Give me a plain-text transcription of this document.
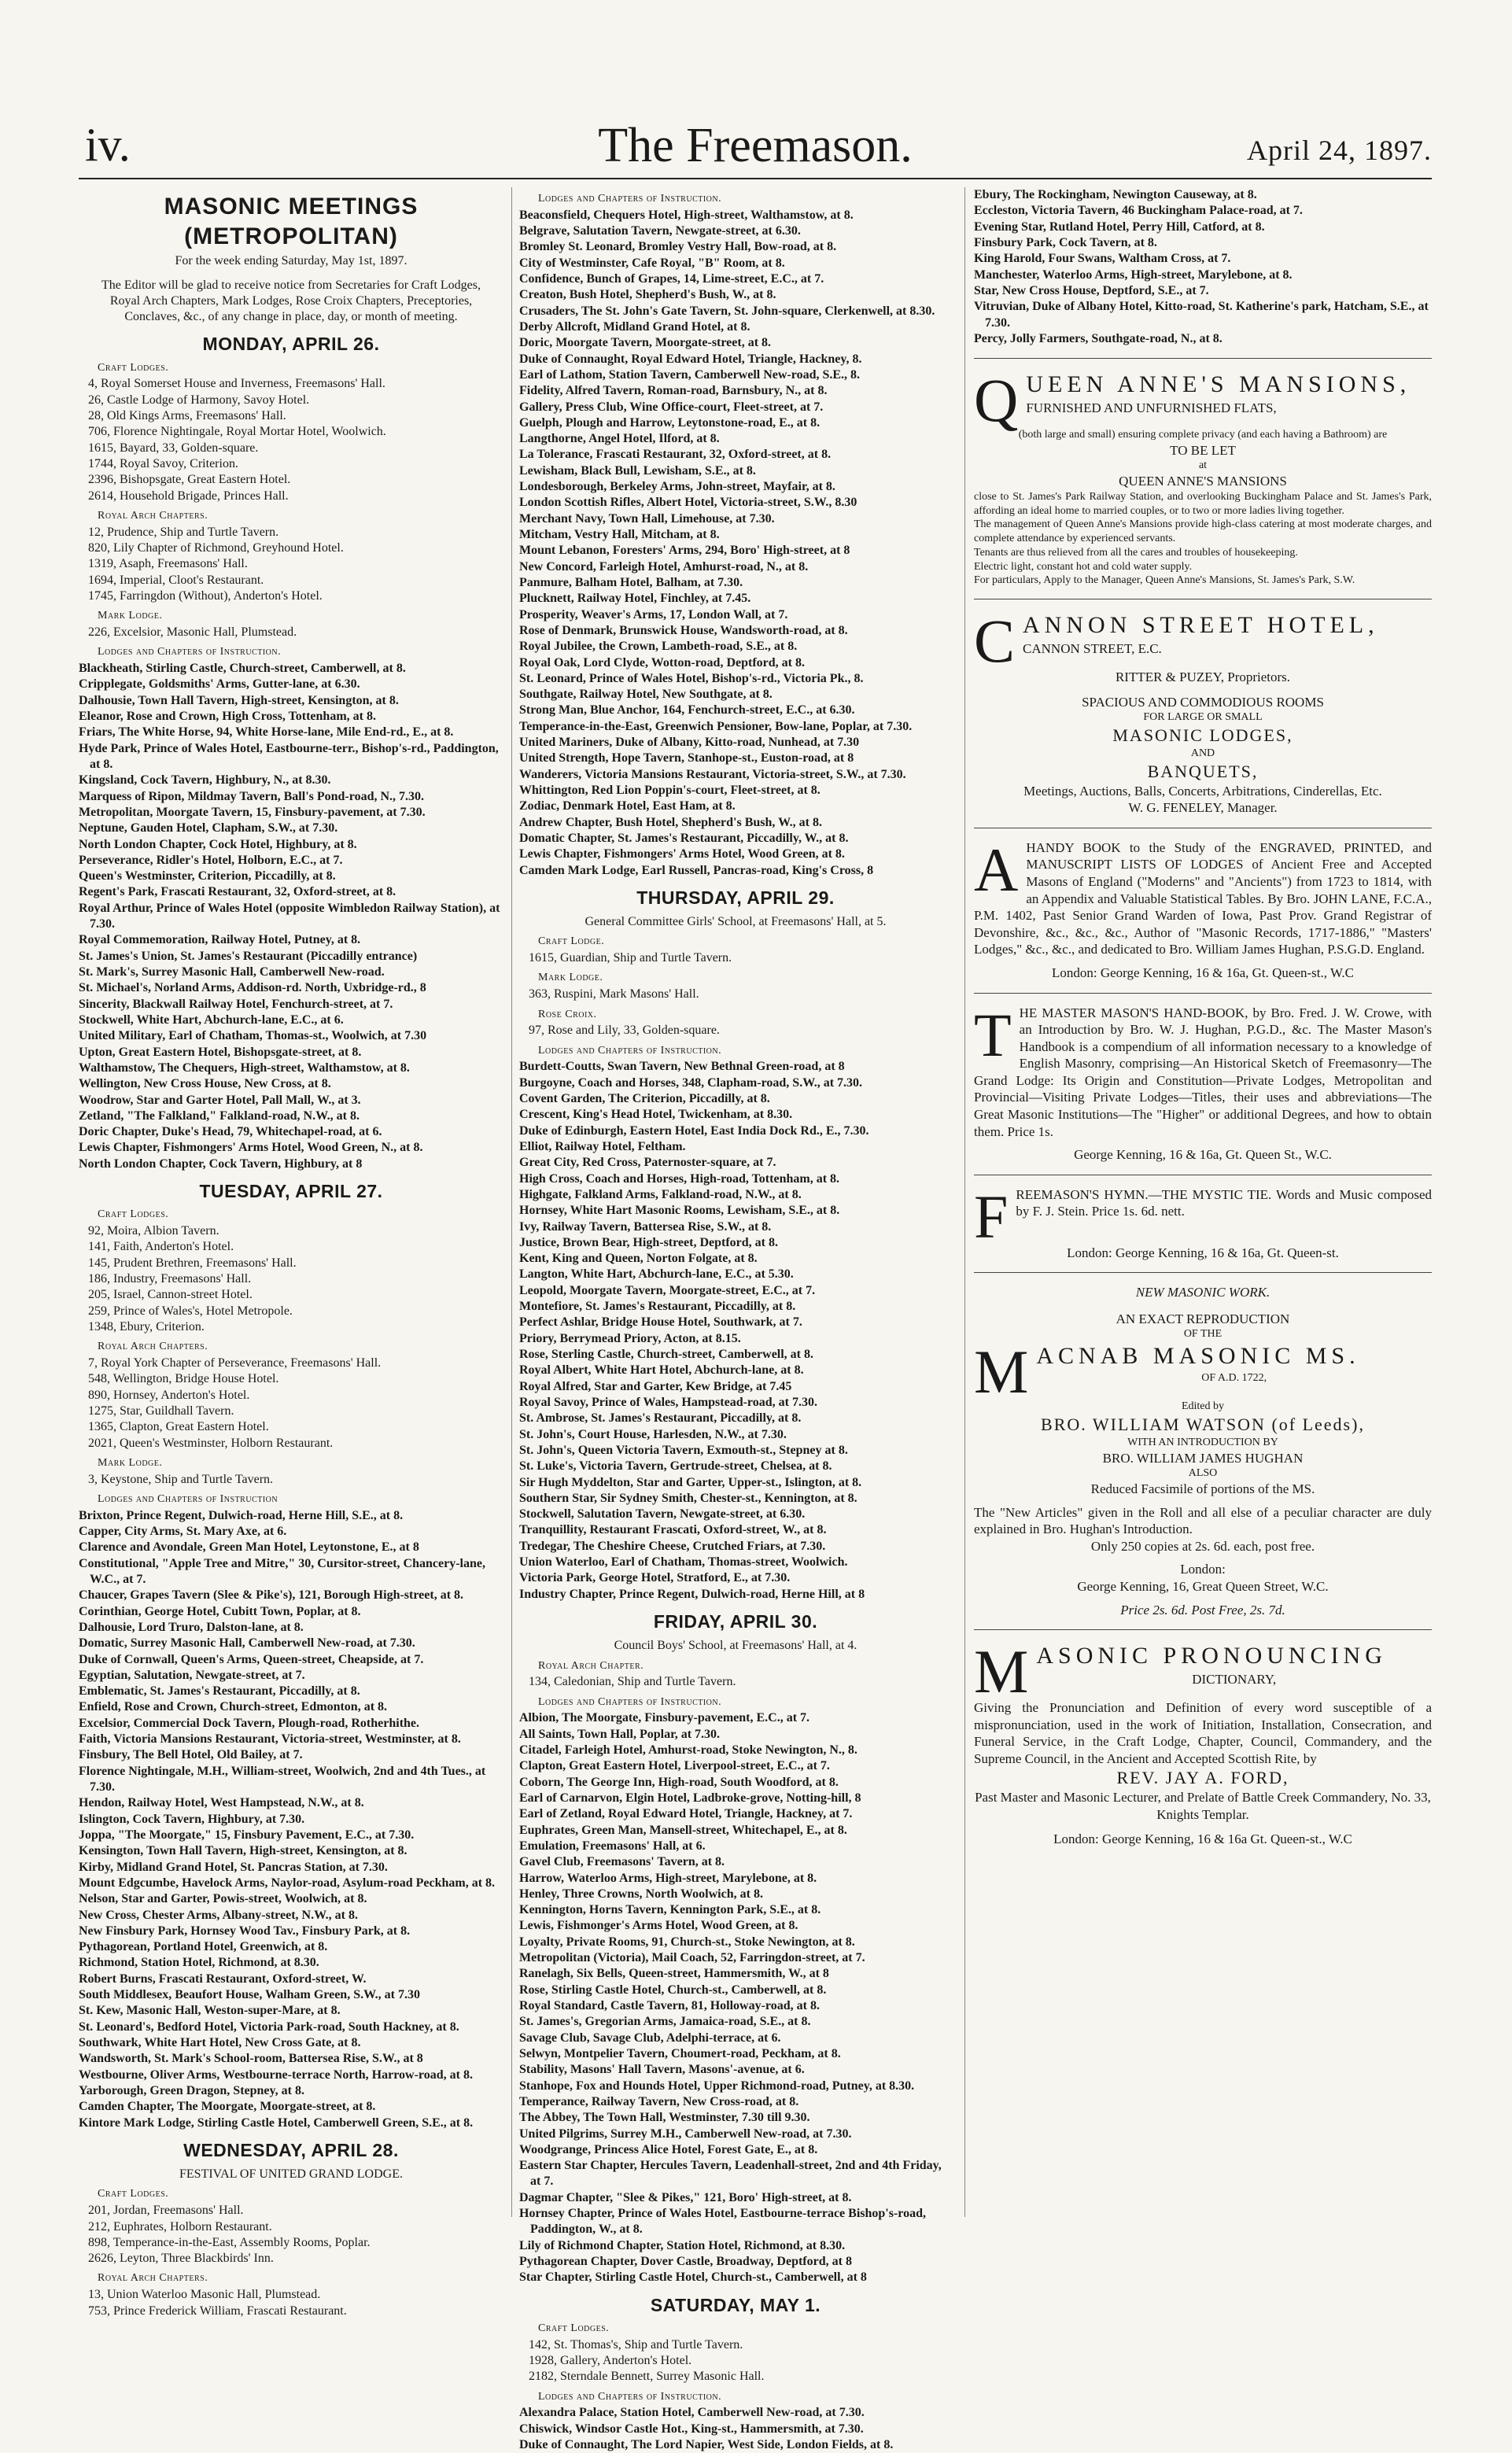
The Freemason.
iv.	April 24, 1897.
MASONIC MEETINGS (METROPOLITAN)
For the week ending Saturday, May 1st, 1897.
The Editor will be glad to receive notice from Secretaries for Craft Lodges, Royal Arch Chapters, Mark Lodges, Rose Croix Chapters, Preceptories, Conclaves, &c., of any change in place, day, or month of meeting.
MONDAY, APRIL 26.
Craft Lodges.
4, Royal Somerset House and Inverness, Freemasons' Hall.
26, Castle Lodge of Harmony, Savoy Hotel.
28, Old Kings Arms, Freemasons' Hall.
706, Florence Nightingale, Royal Mortar Hotel, Woolwich.
1615, Bayard, 33, Golden-square.
1744, Royal Savoy, Criterion.
2396, Bishopsgate, Great Eastern Hotel.
2614, Household Brigade, Princes Hall.
Royal Arch Chapters.
12, Prudence, Ship and Turtle Tavern.
820, Lily Chapter of Richmond, Greyhound Hotel.
1319, Asaph, Freemasons' Hall.
1694, Imperial, Cloot's Restaurant.
1745, Farringdon (Without), Anderton's Hotel.
Mark Lodge.
226, Excelsior, Masonic Hall, Plumstead.
Lodges and Chapters of Instruction.
Blackheath, Stirling Castle, Church-street, Camberwell, at 8.
Cripplegate, Goldsmiths' Arms, Gutter-lane, at 6.30.
Dalhousie, Town Hall Tavern, High-street, Kensington, at 8.
Eleanor, Rose and Crown, High Cross, Tottenham, at 8.
Friars, The White Horse, 94, White Horse-lane, Mile End-rd., E., at 8.
Hyde Park, Prince of Wales Hotel, Eastbourne-terr., Bishop's-rd., Paddington, at 8.
Kingsland, Cock Tavern, Highbury, N., at 8.30.
Marquess of Ripon, Mildmay Tavern, Ball's Pond-road, N., 7.30.
Metropolitan, Moorgate Tavern, 15, Finsbury-pavement, at 7.30.
Neptune, Gauden Hotel, Clapham, S.W., at 7.30.
North London Chapter, Cock Hotel, Highbury, at 8.
Perseverance, Ridler's Hotel, Holborn, E.C., at 7.
Queen's Westminster, Criterion, Piccadilly, at 8.
Regent's Park, Frascati Restaurant, 32, Oxford-street, at 8.
Royal Arthur, Prince of Wales Hotel (opposite Wimbledon Railway Station), at 7.30.
Royal Commemoration, Railway Hotel, Putney, at 8.
St. James's Union, St. James's Restaurant (Piccadilly entrance)
St. Mark's, Surrey Masonic Hall, Camberwell New-road.
St. Michael's, Norland Arms, Addison-rd. North, Uxbridge-rd., 8
Sincerity, Blackwall Railway Hotel, Fenchurch-street, at 7.
Stockwell, White Hart, Abchurch-lane, E.C., at 6.
United Military, Earl of Chatham, Thomas-st., Woolwich, at 7.30
Upton, Great Eastern Hotel, Bishopsgate-street, at 8.
Walthamstow, The Chequers, High-street, Walthamstow, at 8.
Wellington, New Cross House, New Cross, at 8.
Woodrow, Star and Garter Hotel, Pall Mall, W., at 3.
Zetland, "The Falkland," Falkland-road, N.W., at 8.
Doric Chapter, Duke's Head, 79, Whitechapel-road, at 6.
Lewis Chapter, Fishmongers' Arms Hotel, Wood Green, N., at 8.
North London Chapter, Cock Tavern, Highbury, at 8
TUESDAY, APRIL 27.
Craft Lodges.
92, Moira, Albion Tavern.
141, Faith, Anderton's Hotel.
145, Prudent Brethren, Freemasons' Hall.
186, Industry, Freemasons' Hall.
205, Israel, Cannon-street Hotel.
259, Prince of Wales's, Hotel Metropole.
1348, Ebury, Criterion.
Royal Arch Chapters.
7, Royal York Chapter of Perseverance, Freemasons' Hall.
548, Wellington, Bridge House Hotel.
890, Hornsey, Anderton's Hotel.
1275, Star, Guildhall Tavern.
1365, Clapton, Great Eastern Hotel.
2021, Queen's Westminster, Holborn Restaurant.
Mark Lodge.
3, Keystone, Ship and Turtle Tavern.
Lodges and Chapters of Instruction
Brixton, Prince Regent, Dulwich-road, Herne Hill, S.E., at 8.
Capper, City Arms, St. Mary Axe, at 6.
Clarence and Avondale, Green Man Hotel, Leytonstone, E., at 8
Constitutional, "Apple Tree and Mitre," 30, Cursitor-street, Chancery-lane, W.C., at 7.
Chaucer, Grapes Tavern (Slee & Pike's), 121, Borough High-street, at 8.
Corinthian, George Hotel, Cubitt Town, Poplar, at 8.
Dalhousie, Lord Truro, Dalston-lane, at 8.
Domatic, Surrey Masonic Hall, Camberwell New-road, at 7.30.
Duke of Cornwall, Queen's Arms, Queen-street, Cheapside, at 7.
Egyptian, Salutation, Newgate-street, at 7.
Emblematic, St. James's Restaurant, Piccadilly, at 8.
Enfield, Rose and Crown, Church-street, Edmonton, at 8.
Excelsior, Commercial Dock Tavern, Plough-road, Rotherhithe.
Faith, Victoria Mansions Restaurant, Victoria-street, Westminster, at 8.
Finsbury, The Bell Hotel, Old Bailey, at 7.
Florence Nightingale, M.H., William-street, Woolwich, 2nd and 4th Tues., at 7.30.
Hendon, Railway Hotel, West Hampstead, N.W., at 8.
Islington, Cock Tavern, Highbury, at 7.30.
Joppa, "The Moorgate," 15, Finsbury Pavement, E.C., at 7.30.
Kensington, Town Hall Tavern, High-street, Kensington, at 8.
Kirby, Midland Grand Hotel, St. Pancras Station, at 7.30.
Mount Edgcumbe, Havelock Arms, Naylor-road, Asylum-road Peckham, at 8.
Nelson, Star and Garter, Powis-street, Woolwich, at 8.
New Cross, Chester Arms, Albany-street, N.W., at 8.
New Finsbury Park, Hornsey Wood Tav., Finsbury Park, at 8.
Pythagorean, Portland Hotel, Greenwich, at 8.
Richmond, Station Hotel, Richmond, at 8.30.
Robert Burns, Frascati Restaurant, Oxford-street, W.
South Middlesex, Beaufort House, Walham Green, S.W., at 7.30
St. Kew, Masonic Hall, Weston-super-Mare, at 8.
St. Leonard's, Bedford Hotel, Victoria Park-road, South Hackney, at 8.
Southwark, White Hart Hotel, New Cross Gate, at 8.
Wandsworth, St. Mark's School-room, Battersea Rise, S.W., at 8
Westbourne, Oliver Arms, Westbourne-terrace North, Harrow-road, at 8.
Yarborough, Green Dragon, Stepney, at 8.
Camden Chapter, The Moorgate, Moorgate-street, at 8.
Kintore Mark Lodge, Stirling Castle Hotel, Camberwell Green, S.E., at 8.
WEDNESDAY, APRIL 28.
FESTIVAL OF UNITED GRAND LODGE.
Craft Lodges.
201, Jordan, Freemasons' Hall.
212, Euphrates, Holborn Restaurant.
898, Temperance-in-the-East, Assembly Rooms, Poplar.
2626, Leyton, Three Blackbirds' Inn.
Royal Arch Chapters.
13, Union Waterloo Masonic Hall, Plumstead.
753, Prince Frederick William, Frascati Restaurant.
Lodges and Chapters of Instruction.
Beaconsfield, Chequers Hotel, High-street, Walthamstow, at 8.
Belgrave, Salutation Tavern, Newgate-street, at 6.30.
Bromley St. Leonard, Bromley Vestry Hall, Bow-road, at 8.
City of Westminster, Cafe Royal, "B" Room, at 8.
Confidence, Bunch of Grapes, 14, Lime-street, E.C., at 7.
Creaton, Bush Hotel, Shepherd's Bush, W., at 8.
Crusaders, The St. John's Gate Tavern, St. John-square, Clerkenwell, at 8.30.
Derby Allcroft, Midland Grand Hotel, at 8.
Doric, Moorgate Tavern, Moorgate-street, at 8.
Duke of Connaught, Royal Edward Hotel, Triangle, Hackney, 8.
Earl of Lathom, Station Tavern, Camberwell New-road, S.E., 8.
Fidelity, Alfred Tavern, Roman-road, Barnsbury, N., at 8.
Gallery, Press Club, Wine Office-court, Fleet-street, at 7.
Guelph, Plough and Harrow, Leytonstone-road, E., at 8.
Langthorne, Angel Hotel, Ilford, at 8.
La Tolerance, Frascati Restaurant, 32, Oxford-street, at 8.
Lewisham, Black Bull, Lewisham, S.E., at 8.
Londesborough, Berkeley Arms, John-street, Mayfair, at 8.
London Scottish Rifles, Albert Hotel, Victoria-street, S.W., 8.30
Merchant Navy, Town Hall, Limehouse, at 7.30.
Mitcham, Vestry Hall, Mitcham, at 8.
Mount Lebanon, Foresters' Arms, 294, Boro' High-street, at 8
New Concord, Farleigh Hotel, Amhurst-road, N., at 8.
Panmure, Balham Hotel, Balham, at 7.30.
Plucknett, Railway Hotel, Finchley, at 7.45.
Prosperity, Weaver's Arms, 17, London Wall, at 7.
Rose of Denmark, Brunswick House, Wandsworth-road, at 8.
Royal Jubilee, the Crown, Lambeth-road, S.E., at 8.
Royal Oak, Lord Clyde, Wotton-road, Deptford, at 8.
St. Leonard, Prince of Wales Hotel, Bishop's-rd., Victoria Pk., 8.
Southgate, Railway Hotel, New Southgate, at 8.
Strong Man, Blue Anchor, 164, Fenchurch-street, E.C., at 6.30.
Temperance-in-the-East, Greenwich Pensioner, Bow-lane, Poplar, at 7.30.
United Mariners, Duke of Albany, Kitto-road, Nunhead, at 7.30
United Strength, Hope Tavern, Stanhope-st., Euston-road, at 8
Wanderers, Victoria Mansions Restaurant, Victoria-street, S.W., at 7.30.
Whittington, Red Lion Poppin's-court, Fleet-street, at 8.
Zodiac, Denmark Hotel, East Ham, at 8.
Andrew Chapter, Bush Hotel, Shepherd's Bush, W., at 8.
Domatic Chapter, St. James's Restaurant, Piccadilly, W., at 8.
Lewis Chapter, Fishmongers' Arms Hotel, Wood Green, at 8.
Camden Mark Lodge, Earl Russell, Pancras-road, King's Cross, 8
THURSDAY, APRIL 29.
General Committee Girls' School, at Freemasons' Hall, at 5.
Craft Lodge.
1615, Guardian, Ship and Turtle Tavern.
Mark Lodge.
363, Ruspini, Mark Masons' Hall.
Rose Croix.
97, Rose and Lily, 33, Golden-square.
Lodges and Chapters of Instruction.
Burdett-Coutts, Swan Tavern, New Bethnal Green-road, at 8
Burgoyne, Coach and Horses, 348, Clapham-road, S.W., at 7.30.
Covent Garden, The Criterion, Piccadilly, at 8.
Crescent, King's Head Hotel, Twickenham, at 8.30.
Duke of Edinburgh, Eastern Hotel, East India Dock Rd., E., 7.30.
Elliot, Railway Hotel, Feltham.
Great City, Red Cross, Paternoster-square, at 7.
High Cross, Coach and Horses, High-road, Tottenham, at 8.
Highgate, Falkland Arms, Falkland-road, N.W., at 8.
Hornsey, White Hart Masonic Rooms, Lewisham, S.E., at 8.
Ivy, Railway Tavern, Battersea Rise, S.W., at 8.
Justice, Brown Bear, High-street, Deptford, at 8.
Kent, King and Queen, Norton Folgate, at 8.
Langton, White Hart, Abchurch-lane, E.C., at 5.30.
Leopold, Moorgate Tavern, Moorgate-street, E.C., at 7.
Montefiore, St. James's Restaurant, Piccadilly, at 8.
Perfect Ashlar, Bridge House Hotel, Southwark, at 7.
Priory, Berrymead Priory, Acton, at 8.15.
Rose, Sterling Castle, Church-street, Camberwell, at 8.
Royal Albert, White Hart Hotel, Abchurch-lane, at 8.
Royal Alfred, Star and Garter, Kew Bridge, at 7.45
Royal Savoy, Prince of Wales, Hampstead-road, at 7.30.
St. Ambrose, St. James's Restaurant, Piccadilly, at 8.
St. John's, Court House, Harlesden, N.W., at 7.30.
St. John's, Queen Victoria Tavern, Exmouth-st., Stepney at 8.
St. Luke's, Victoria Tavern, Gertrude-street, Chelsea, at 8.
Sir Hugh Myddelton, Star and Garter, Upper-st., Islington, at 8.
Southern Star, Sir Sydney Smith, Chester-st., Kennington, at 8.
Stockwell, Salutation Tavern, Newgate-street, at 6.30.
Tranquillity, Restaurant Frascati, Oxford-street, W., at 8.
Tredegar, The Cheshire Cheese, Crutched Friars, at 7.30.
Union Waterloo, Earl of Chatham, Thomas-street, Woolwich.
Victoria Park, George Hotel, Stratford, E., at 7.30.
Industry Chapter, Prince Regent, Dulwich-road, Herne Hill, at 8
FRIDAY, APRIL 30.
Council Boys' School, at Freemasons' Hall, at 4.
Royal Arch Chapter.
134, Caledonian, Ship and Turtle Tavern.
Lodges and Chapters of Instruction.
Albion, The Moorgate, Finsbury-pavement, E.C., at 7.
All Saints, Town Hall, Poplar, at 7.30.
Citadel, Farleigh Hotel, Amhurst-road, Stoke Newington, N., 8.
Clapton, Great Eastern Hotel, Liverpool-street, E.C., at 7.
Coborn, The George Inn, High-road, South Woodford, at 8.
Earl of Carnarvon, Elgin Hotel, Ladbroke-grove, Notting-hill, 8
Earl of Zetland, Royal Edward Hotel, Triangle, Hackney, at 7.
Euphrates, Green Man, Mansell-street, Whitechapel, E., at 8.
Emulation, Freemasons' Hall, at 6.
Gavel Club, Freemasons' Tavern, at 8.
Harrow, Waterloo Arms, High-street, Marylebone, at 8.
Henley, Three Crowns, North Woolwich, at 8.
Kennington, Horns Tavern, Kennington Park, S.E., at 8.
Lewis, Fishmonger's Arms Hotel, Wood Green, at 8.
Loyalty, Private Rooms, 91, Church-st., Stoke Newington, at 8.
Metropolitan (Victoria), Mail Coach, 52, Farringdon-street, at 7.
Ranelagh, Six Bells, Queen-street, Hammersmith, W., at 8
Rose, Stirling Castle Hotel, Church-st., Camberwell, at 8.
Royal Standard, Castle Tavern, 81, Holloway-road, at 8.
St. James's, Gregorian Arms, Jamaica-road, S.E., at 8.
Savage Club, Savage Club, Adelphi-terrace, at 6.
Selwyn, Montpelier Tavern, Choumert-road, Peckham, at 8.
Stability, Masons' Hall Tavern, Masons'-avenue, at 6.
Stanhope, Fox and Hounds Hotel, Upper Richmond-road, Putney, at 8.30.
Temperance, Railway Tavern, New Cross-road, at 8.
The Abbey, The Town Hall, Westminster, 7.30 till 9.30.
United Pilgrims, Surrey M.H., Camberwell New-road, at 7.30.
Woodgrange, Princess Alice Hotel, Forest Gate, E., at 8.
Eastern Star Chapter, Hercules Tavern, Leadenhall-street, 2nd and 4th Friday, at 7.
Dagmar Chapter, "Slee & Pikes," 121, Boro' High-street, at 8.
Hornsey Chapter, Prince of Wales Hotel, Eastbourne-terrace Bishop's-road, Paddington, W., at 8.
Lily of Richmond Chapter, Station Hotel, Richmond, at 8.30.
Pythagorean Chapter, Dover Castle, Broadway, Deptford, at 8
Star Chapter, Stirling Castle Hotel, Church-st., Camberwell, at 8
SATURDAY, MAY 1.
Craft Lodges.
142, St. Thomas's, Ship and Turtle Tavern.
1928, Gallery, Anderton's Hotel.
2182, Sterndale Bennett, Surrey Masonic Hall.
Lodges and Chapters of Instruction.
Alexandra Palace, Station Hotel, Camberwell New-road, at 7.30.
Chiswick, Windsor Castle Hot., King-st., Hammersmith, at 7.30.
Duke of Connaught, The Lord Napier, West Side, London Fields, at 8.
Ebury, The Rockingham, Newington Causeway, at 8.
Eccleston, Victoria Tavern, 46 Buckingham Palace-road, at 7.
Evening Star, Rutland Hotel, Perry Hill, Catford, at 8.
Finsbury Park, Cock Tavern, at 8.
King Harold, Four Swans, Waltham Cross, at 7.
Manchester, Waterloo Arms, High-street, Marylebone, at 8.
Star, New Cross House, Deptford, S.E., at 7.
Vitruvian, Duke of Albany Hotel, Kitto-road, St. Katherine's park, Hatcham, S.E., at 7.30.
Percy, Jolly Farmers, Southgate-road, N., at 8.
Q UEEN ANNE'S MANSIONS,
FURNISHED AND UNFURNISHED FLATS,
(both large and small) ensuring complete privacy (and each having a Bathroom) are
TO BE LET
at
QUEEN ANNE'S MANSIONS
close to St. James's Park Railway Station, and overlooking Buckingham Palace and St. James's Park, affording an ideal home to married couples, or to two or more ladies living together.
The management of Queen Anne's Mansions provide high-class catering at most moderate charges, and complete attendance by experienced servants.
Tenants are thus relieved from all the cares and troubles of housekeeping.
Electric light, constant hot and cold water supply.
For particulars, Apply to the Manager, Queen Anne's Mansions, St. James's Park, S.W.
C ANNON STREET HOTEL,
CANNON STREET, E.C.
RITTER & PUZEY, Proprietors.
SPACIOUS AND COMMODIOUS ROOMS
FOR LARGE OR SMALL
MASONIC LODGES,
AND
BANQUETS,
Meetings, Auctions, Balls, Concerts, Arbitrations, Cinderellas, Etc.
W. G. FENELEY, Manager.
A HANDY BOOK to the Study of the ENGRAVED, PRINTED, and MANUSCRIPT LISTS OF LODGES of Ancient Free and Accepted Masons of England ("Moderns" and "Ancients") from 1723 to 1814, with an Appendix and Valuable Statistical Tables. By Bro. JOHN LANE, F.C.A., P.M. 1402, Past Senior Grand Warden of Iowa, Past Prov. Grand Registrar of Devonshire, &c., &c., &c., Author of "Masonic Records, 1717-1886," "Masters' Lodges," &c., &c., and dedicated to Bro. William James Hughan, P.S.G.D. England.
London: George Kenning, 16 & 16a, Gt. Queen-st., W.C
T HE MASTER MASON'S HAND-BOOK, by Bro. Fred. J. W. Crowe, with an Introduction by Bro. W. J. Hughan, P.G.D., &c. The Master Mason's Handbook is a compendium of all information necessary to a knowledge of English Masonry, comprising—An Historical Sketch of Freemasonry—The Grand Lodge: Its Origin and Constitution—Private Lodges, Metropolitan and Provincial—Visiting Private Lodges—Titles, their uses and abbreviations—The Great Masonic Institutions—The "Higher" or additional Degrees, and how to obtain them. Price 1s.
George Kenning, 16 & 16a, Gt. Queen St., W.C.
F REEMASON'S HYMN.—THE MYSTIC TIE. Words and Music composed by F. J. Stein. Price 1s. 6d. nett.
London: George Kenning, 16 & 16a, Gt. Queen-st.
NEW MASONIC WORK.
AN EXACT REPRODUCTION
OF THE
M ACNAB MASONIC MS.
OF A.D. 1722,
Edited by
BRO. WILLIAM WATSON (of Leeds),
WITH AN INTRODUCTION BY
BRO. WILLIAM JAMES HUGHAN
ALSO
Reduced Facsimile of portions of the MS.
The "New Articles" given in the Roll and all else of a peculiar character are duly explained in Bro. Hughan's Introduction.
Only 250 copies at 2s. 6d. each, post free.
London:
George Kenning, 16, Great Queen Street, W.C.
Price 2s. 6d. Post Free, 2s. 7d.
M ASONIC PRONOUNCING
DICTIONARY,
Giving the Pronunciation and Definition of every word susceptible of a mispronunciation, used in the work of Initiation, Installation, Consecration, and Funeral Service, in the Craft Lodge, Chapter, Council, Commandery, and the Supreme Council, in the Ancient and Accepted Scottish Rite, by
REV. JAY A. FORD,
Past Master and Masonic Lecturer, and Prelate of Battle Creek Commandery, No. 33, Knights Templar.
London: George Kenning, 16 & 16a Gt. Queen-st., W.C
